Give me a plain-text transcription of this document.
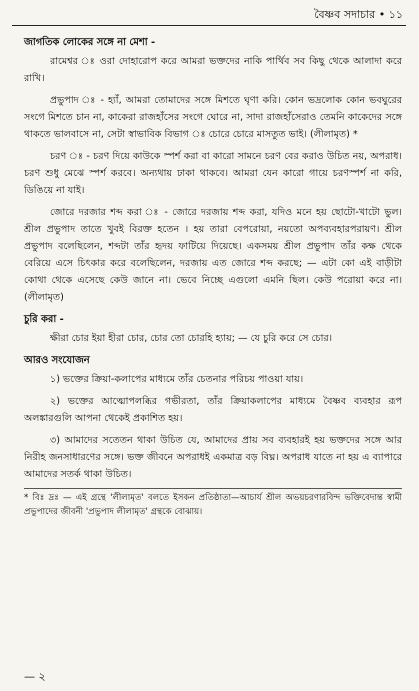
বৈষ্ণব সদাচার • ১১

জাগতিক লোকের সঙ্গে না মেশা -

রামেশ্বর ঃ ওরা দোহারোপ করে আমরা ভক্তদের নাকি পার্থিব সব কিছু থেকে আলাদা করে রাখি।

প্রভুপাদ ঃ - হ্যাঁ, আমরা তোমাদের সঙ্গে মিশতে ঘৃণা করি। কোন ভদ্রলোক কোন ভবঘুরের সংগে মিশতে চান না, কাকেরা রাজহাঁসের সংগে ঘোরে না, সাদা রাজহাঁসেরাও তেমনি কাকেদের সঙ্গে থাকতে ভালবাসে না, সেটা স্বাভাবিক বিভাগ ঃ চোরে চোরে মাসতুত ভাই। (লীলামৃত) *

চরণ ঃ - চরণ দিয়ে কাউকে স্পর্শ করা বা কারো সামনে চরণ বের করাও উচিত নয়, অপরাধ। চরণ শুধু মেঝে স্পর্শ করবে। অন্যথায় ঢাকা থাকবে। আমরা যেন কারো গায়ে চরণস্পর্শ না করি, ডিঙিয়ে না যাই।

জোরে দরজার শব্দ করা ঃ - জোরে দরজায় শব্দ করা, যদিও মনে হয় ছোটো-খাটো ভুল। শ্রীল প্রভুপাদ তাতে খুবই বিরক্ত হতেন । হয় তারা বেপরোয়া, নয়তো অপব্যবহারপরায়ণ। শ্রীল প্রভুপাদ বলেছিলেন, শব্দটা তাঁর হৃদয় ফাটিয়ে দিয়েছে। একসময় শ্রীল প্রভুপাদ তাঁর কক্ষ থেকে বেরিয়ে এসে চিৎকার করে বলেছিলেন, দরজায় এত জোরে শব্দ করছে; — এটা কো এই বাড়ীটা কোথা থেকে এসেছে কেউ জানে না। ভেবে নিচ্ছে এগুলো এমনি ছিল। কেউ পরোয়া করে না। (লীলামৃত)

চুরি করা -

ক্ষীরা চোর ইয়া হীরা চোর, চোর তো চোরহি হ্যায়; — যে চুরি করে সে চোর।

আরও সংযোজন

১) ভক্তের ক্রিয়া-কলাপের মাধ্যমে তাঁর চেতনার পরিচয় পাওয়া যায়।

২) ভক্তের আত্মোপলব্ধির গভীরতা, তাঁর ক্রিয়াকলাপের মাধ্যমে বৈষ্ণব ব্যবহার রূপ অলঙ্কারগুলি আপনা থেকেই প্রকাশিত হয়।

৩) আমাদের সতেতন থাকা উচিত যে, আমাদের প্রায় সব ব্যবহারই হয় ভক্তদের সঙ্গে আর নিরীহ জনসাধারণের সঙ্গে। ভক্ত জীবনে অপরাধই একমাত্র বড় বিঘ্ন। অপরাধ যাতে না হয় এ ব্যাপারে আমাদের সতর্ক থাকা উচিত।

* বিঃ দ্রঃ — এই গ্রন্থে 'লীলামৃত' বলতে ইসকন প্রতিষ্ঠাতা—আচার্য শ্রীল অভয়চরণারবিন্দ ভক্তিবেদান্ত স্বামী প্রভুপাদের জীবনী 'প্রভুপাদ লীলামৃত' গ্রন্থকে বোঝায়।

— ২
